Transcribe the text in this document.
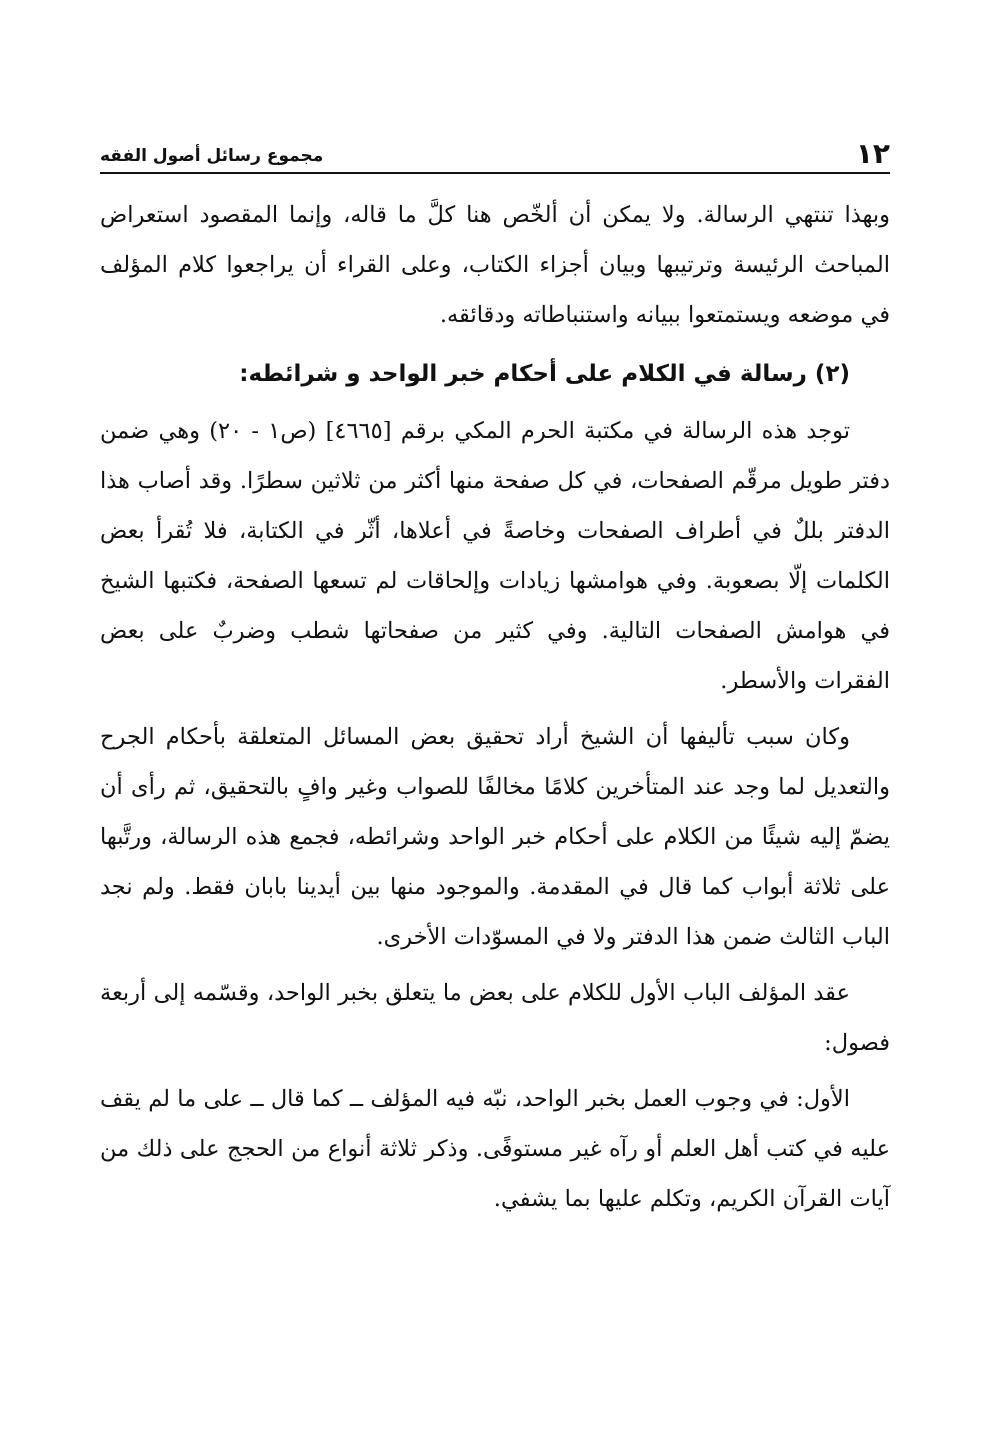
١٢
مجموع رسائل أصول الفقه

وبهذا تنتهي الرسالة. ولا يمكن أن ألخّص هنا كلَّ ما قاله، وإنما المقصود استعراض المباحث الرئيسة وترتيبها وبيان أجزاء الكتاب، وعلى القراء أن يراجعوا كلام المؤلف في موضعه ويستمتعوا ببيانه واستنباطاته ودقائقه.

(٢) رسالة في الكلام على أحكام خبر الواحد و شرائطه:

توجد هذه الرسالة في مكتبة الحرم المكي برقم [٤٦٦٥] (ص١ - ٢٠) وهي ضمن دفتر طويل مرقّم الصفحات، في كل صفحة منها أكثر من ثلاثين سطرًا. وقد أصاب هذا الدفتر بللٌ في أطراف الصفحات وخاصةً في أعلاها، أثّر في الكتابة، فلا تُقرأ بعض الكلمات إلّا بصعوبة. وفي هوامشها زيادات وإلحاقات لم تسعها الصفحة، فكتبها الشيخ في هوامش الصفحات التالية. وفي كثير من صفحاتها شطب وضربٌ على بعض الفقرات والأسطر.

وكان سبب تأليفها أن الشيخ أراد تحقيق بعض المسائل المتعلقة بأحكام الجرح والتعديل لما وجد عند المتأخرين كلامًا مخالفًا للصواب وغير وافٍ بالتحقيق، ثم رأى أن يضمّ إليه شيئًا من الكلام على أحكام خبر الواحد وشرائطه، فجمع هذه الرسالة، ورتَّبها على ثلاثة أبواب كما قال في المقدمة. والموجود منها بين أيدينا بابان فقط. ولم نجد الباب الثالث ضمن هذا الدفتر ولا في المسوّدات الأخرى.

عقد المؤلف الباب الأول للكلام على بعض ما يتعلق بخبر الواحد، وقسّمه إلى أربعة فصول:

الأول: في وجوب العمل بخبر الواحد، نبّه فيه المؤلف ــ كما قال ــ على ما لم يقف عليه في كتب أهل العلم أو رآه غير مستوفًى. وذكر ثلاثة أنواع من الحجج على ذلك من آيات القرآن الكريم، وتكلم عليها بما يشفي.
